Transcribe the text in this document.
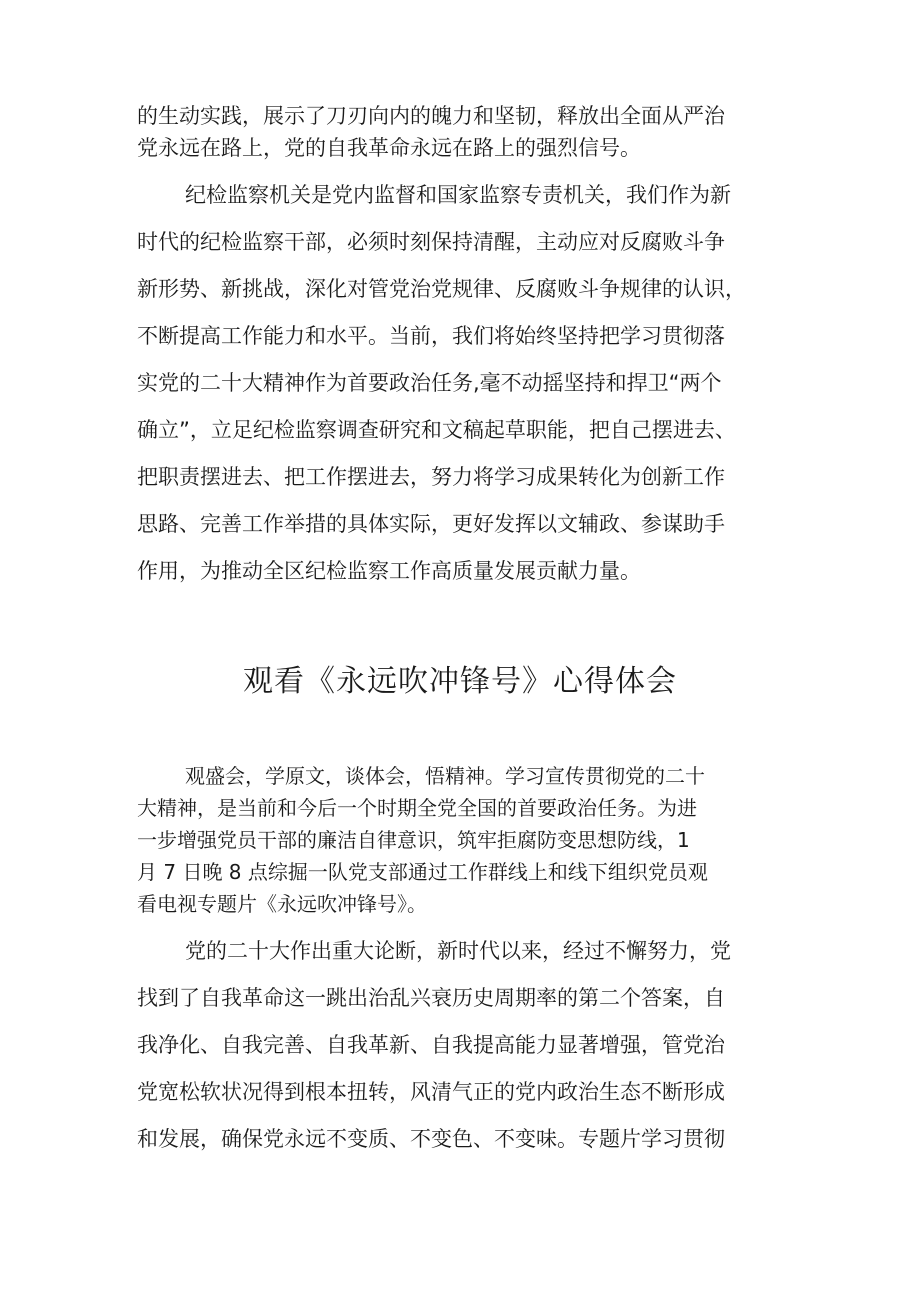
的生动实践，展示了刀刃向内的魄力和坚韧，释放出全面从严治
党永远在路上，党的自我革命永远在路上的强烈信号。
纪检监察机关是党内监督和国家监察专责机关，我们作为新
时代的纪检监察干部，必须时刻保持清醒，主动应对反腐败斗争
新形势、新挑战，深化对管党治党规律、反腐败斗争规律的认识，
不断提高工作能力和水平。当前，我们将始终坚持把学习贯彻落
实党的二十大精神作为首要政治任务,毫不动摇坚持和捍卫“两个
确立”，立足纪检监察调查研究和文稿起草职能，把自己摆进去、
把职责摆进去、把工作摆进去，努力将学习成果转化为创新工作
思路、完善工作举措的具体实际，更好发挥以文辅政、参谋助手
作用，为推动全区纪检监察工作高质量发展贡献力量。
观看《永远吹冲锋号》心得体会
观盛会，学原文，谈体会，悟精神。学习宣传贯彻党的二十
大精神，是当前和今后一个时期全党全国的首要政治任务。为进
一步增强党员干部的廉洁自律意识，筑牢拒腐防变思想防线，1
月 7 日晚 8 点综掘一队党支部通过工作群线上和线下组织党员观
看电视专题片《永远吹冲锋号》。
党的二十大作出重大论断，新时代以来，经过不懈努力，党
找到了自我革命这一跳出治乱兴衰历史周期率的第二个答案，自
我净化、自我完善、自我革新、自我提高能力显著增强，管党治
党宽松软状况得到根本扭转，风清气正的党内政治生态不断形成
和发展，确保党永远不变质、不变色、不变味。专题片学习贯彻
